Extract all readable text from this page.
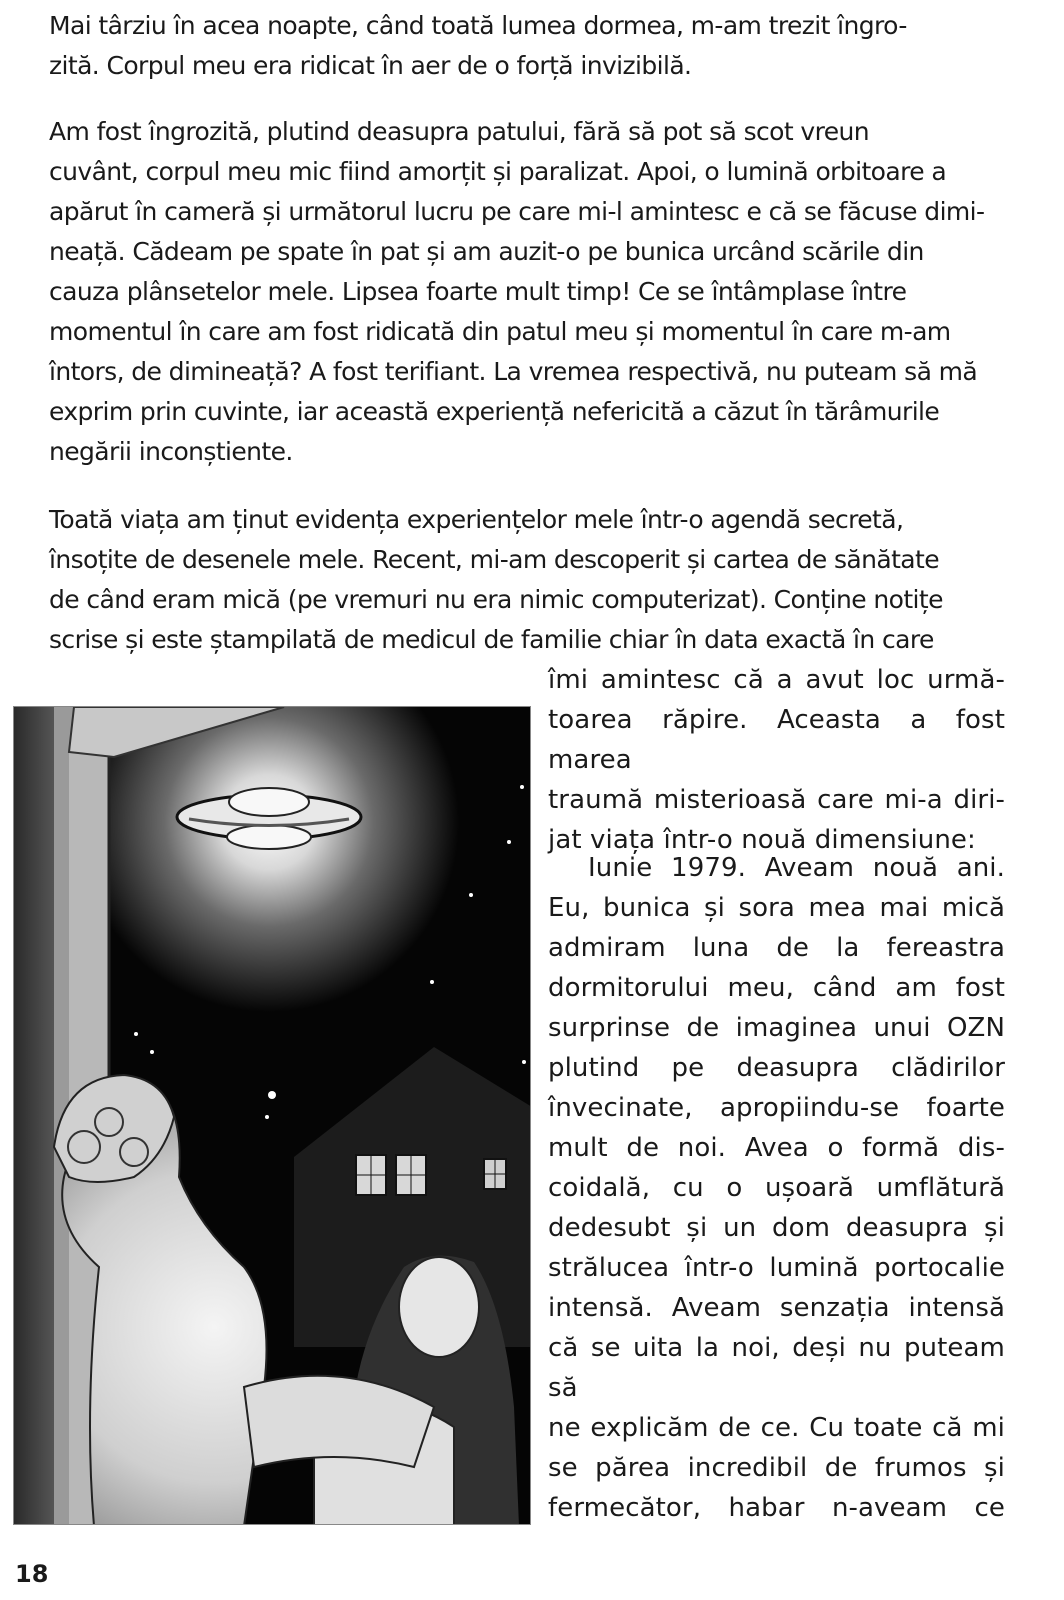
Mai târziu în acea noapte, când toată lumea dormea, m-am trezit îngro-
zită. Corpul meu era ridicat în aer de o forță invizibilă.
Am fost îngrozită, plutind deasupra patului, fără să pot să scot vreun
cuvânt, corpul meu mic fiind amorțit și paralizat. Apoi, o lumină orbitoare a
apărut în cameră și următorul lucru pe care mi-l amintesc e că se făcuse dimi-
neață. Cădeam pe spate în pat și am auzit-o pe bunica urcând scările din
cauza plânsetelor mele. Lipsea foarte mult timp! Ce se întâmplase între
momentul în care am fost ridicată din patul meu și momentul în care m-am
întors, de dimineață? A fost terifiant. La vremea respectivă, nu puteam să mă
exprim prin cuvinte, iar această experiență nefericită a căzut în tărâmurile
negării inconștiente.
Toată viața am ținut evidența experiențelor mele într-o agendă secretă,
însoțite de desenele mele. Recent, mi-am descoperit și cartea de sănătate
de când eram mică (pe vremuri nu era nimic computerizat). Conține notițe
scrise și este ștampilată de medicul de familie chiar în data exactă în care
îmi amintesc că a avut loc urmă-
toarea răpire. Aceasta a fost marea
traumă misterioasă care mi-a diri-
jat viața într-o nouă dimensiune:
Iunie 1979. Aveam nouă ani.
Eu, bunica și sora mea mai mică
admiram luna de la fereastra
dormitorului meu, când am fost
surprinse de imaginea unui OZN
plutind pe deasupra clădirilor
învecinate, apropiindu-se foarte
mult de noi. Avea o formă dis-
coidală, cu o ușoară umflătură
dedesubt și un dom deasupra și
strălucea într-o lumină portocalie
intensă. Aveam senzația intensă
că se uita la noi, deși nu puteam să
ne explicăm de ce. Cu toate că mi
se părea incredibil de frumos și
fermecător, habar n-aveam ce
18
